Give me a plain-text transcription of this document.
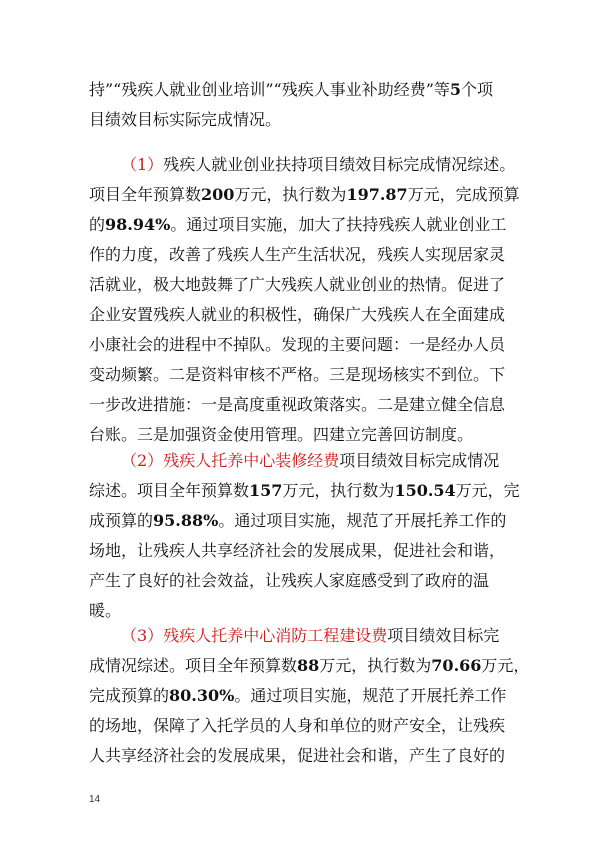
持”“残疾人就业创业培训”“残疾人事业补助经费”等5个项
目绩效目标实际完成情况。
（1）残疾人就业创业扶持项目绩效目标完成情况综述。
项目全年预算数200万元，执行数为197.87万元，完成预算
的98.94%。通过项目实施，加大了扶持残疾人就业创业工
作的力度，改善了残疾人生产生活状况，残疾人实现居家灵
活就业，极大地鼓舞了广大残疾人就业创业的热情。促进了
企业安置残疾人就业的积极性，确保广大残疾人在全面建成
小康社会的进程中不掉队。发现的主要问题：一是经办人员
变动频繁。二是资料审核不严格。三是现场核实不到位。下
一步改进措施：一是高度重视政策落实。二是建立健全信息
台账。三是加强资金使用管理。四建立完善回访制度。
（2）残疾人托养中心装修经费项目绩效目标完成情况
综述。项目全年预算数157万元，执行数为150.54万元，完
成预算的95.88%。通过项目实施，规范了开展托养工作的
场地，让残疾人共享经济社会的发展成果，促进社会和谐，
产生了良好的社会效益，让残疾人家庭感受到了政府的温
暖。
（3）残疾人托养中心消防工程建设费项目绩效目标完
成情况综述。项目全年预算数88万元，执行数为70.66万元，
完成预算的80.30%。通过项目实施，规范了开展托养工作
的场地，保障了入托学员的人身和单位的财产安全，让残疾
人共享经济社会的发展成果，促进社会和谐，产生了良好的
14
